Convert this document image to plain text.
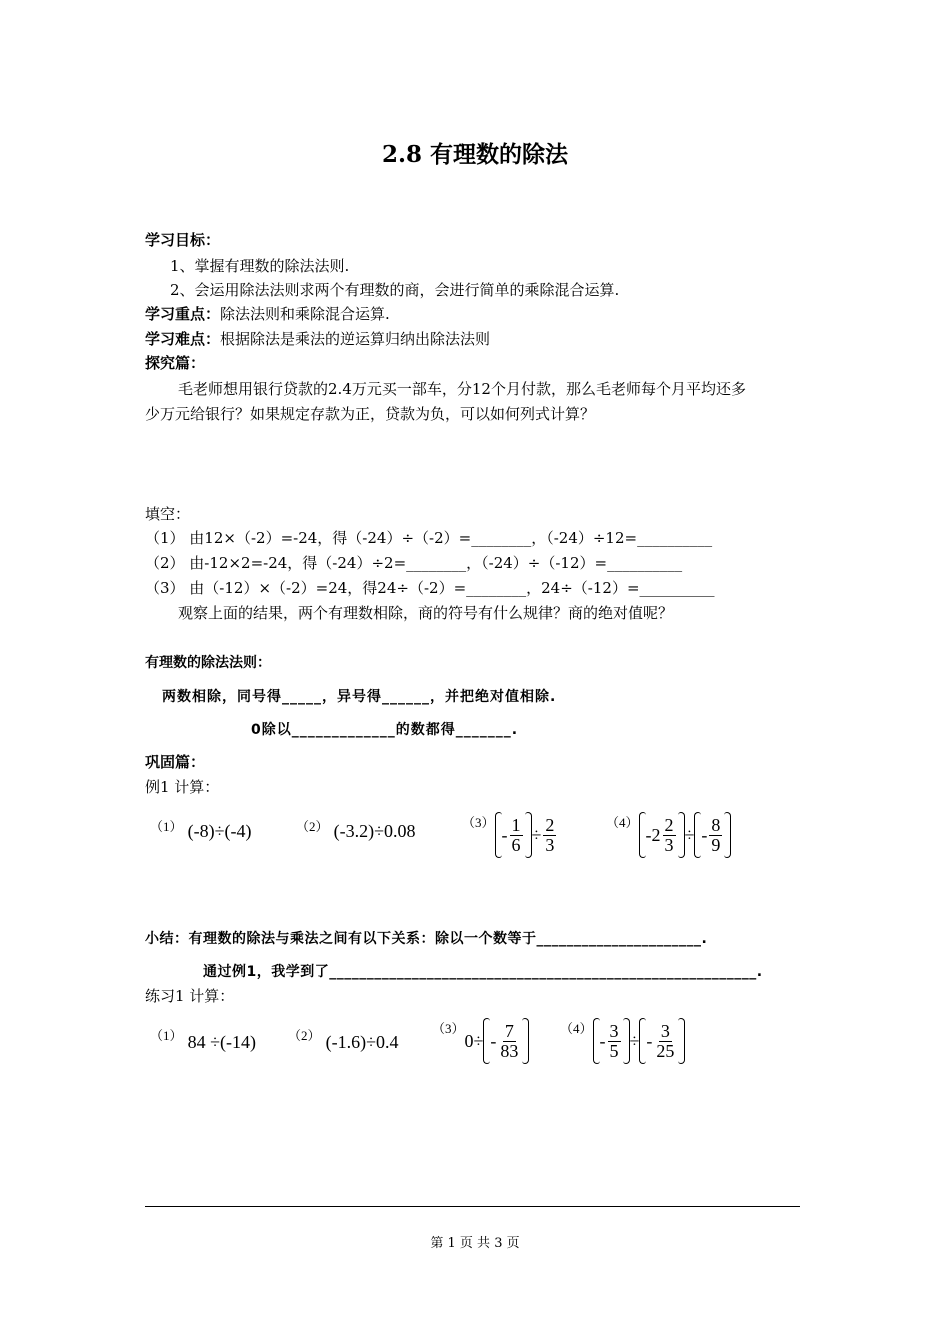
2.8 有理数的除法
学习目标：
1、掌握有理数的除法法则.
2、会运用除法法则求两个有理数的商，会进行简单的乘除混合运算.
学习重点：除法法则和乘除混合运算.
学习难点：根据除法是乘法的逆运算归纳出除法法则
探究篇：
毛老师想用银行贷款的2.4万元买一部车，分12个月付款，那么毛老师每个月平均还多
少万元给银行？如果规定存款为正，贷款为负，可以如何列式计算？
填空：
（1） 由12×（-2）=-24，得（-24）÷（-2）=________，（-24）÷12=__________
（2） 由-12×2=-24，得（-24）÷2=________，（-24）÷（-12）=__________
（3） 由（-12）×（-2）=24，得24÷（-2）=________，24÷（-12）=__________
观察上面的结果，两个有理数相除，商的符号有什么规律？商的绝对值呢？
有理数的除法法则：
两数相除，同号得_____，异号得______，并把绝对值相除.
0除以_____________的数都得_______.
巩固篇：
例1 计算：
（1） (-8)÷(-4)	（2） (-3.2)÷0.08	（3）
- $\frac{1}{6} \div \frac{2}{3}$	（4）
- $2 \frac{2}{3}$ ÷ - $\frac{8}{9}$
小结：有理数的除法与乘法之间有以下关系：除以一个数等于______________________.
通过例1，我学到了_________________________________________________________.
练习1 计算：
（1） 84 ÷(-14) （2） (-1.6)÷0.4
（3）
0 ÷ - $\frac{7}{83}$	（4）
- $\frac{3}{5}$ ÷ - $\frac{3}{25}$
第 1 页 共 3 页
